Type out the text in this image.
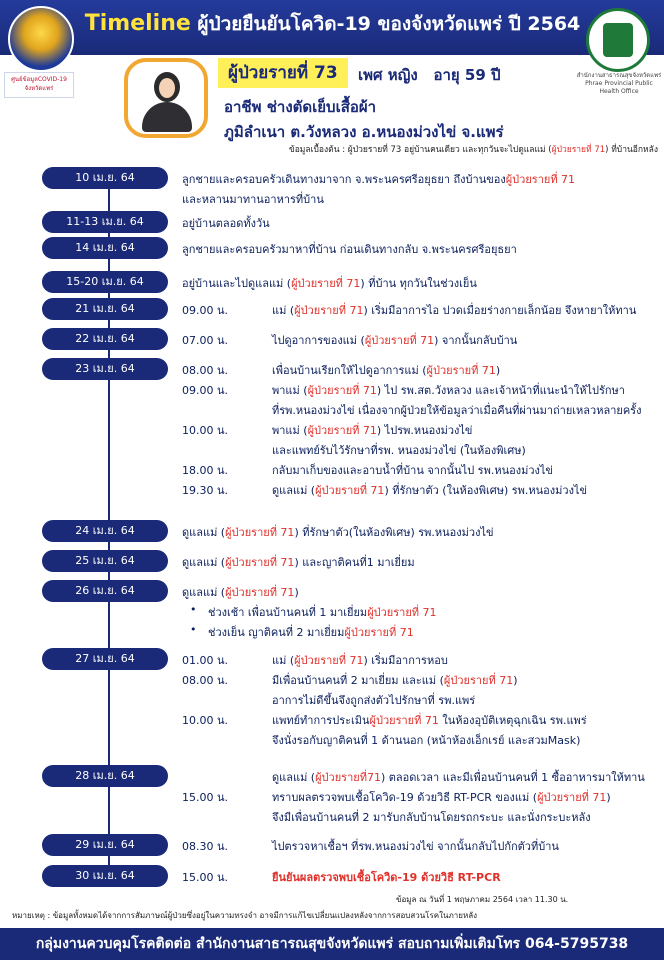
Timeline ผู้ป่วยยืนยันโควิด-19 ของจังหวัดแพร่ ปี 2564
ศูนย์ข้อมูลCOVID-19 จังหวัดแพร่
สำนักงานสาธารณสุขจังหวัดแพร่ Phrae Provincial Public Health Office
ผู้ป่วยรายที่ 73	เพศ หญิง อายุ 59 ปี
อาชีพ ช่างตัดเย็บเสื้อผ้า
ภูมิลำเนา ต.วังหลวง อ.หนองม่วงไข่ จ.แพร่
ข้อมูลเบื้องต้น : ผู้ป่วยรายที่ 73 อยู่บ้านคนเดียว และทุกวันจะไปดูแลแม่ (ผู้ป่วยรายที่ 71) ที่บ้านอีกหลัง
10 เม.ย. 64	ลูกชายและครอบครัวเดินทางมาจาก จ.พระนครศรีอยุธยา ถึงบ้านของผู้ป่วยรายที่ 71
และหลานมาทานอาหารที่บ้าน
11-13 เม.ย. 64	อยู่บ้านตลอดทั้งวัน
14 เม.ย. 64	ลูกชายและครอบครัวมาหาที่บ้าน ก่อนเดินทางกลับ จ.พระนครศรีอยุธยา
15-20 เม.ย. 64	อยู่บ้านและไปดูแลแม่ (ผู้ป่วยรายที่ 71) ที่บ้าน ทุกวันในช่วงเย็น
21 เม.ย. 64	09.00 น.	แม่ (ผู้ป่วยรายที่ 71) เริ่มมีอาการไอ ปวดเมื่อยร่างกายเล็กน้อย จึงหายาให้ทาน
22 เม.ย. 64	07.00 น.	ไปดูอาการของแม่ (ผู้ป่วยรายที่ 71) จากนั้นกลับบ้าน
23 เม.ย. 64	08.00 น.	เพื่อนบ้านเรียกให้ไปดูอาการแม่ (ผู้ป่วยรายที่ 71)
09.00 น.	พาแม่ (ผู้ป่วยรายที่ 71) ไป รพ.สต.วังหลวง และเจ้าหน้าที่แนะนำให้ไปรักษา
ที่รพ.หนองม่วงไข่ เนื่องจากผู้ป่วยให้ข้อมูลว่าเมื่อคืนที่ผ่านมาถ่ายเหลวหลายครั้ง
10.00 น.	พาแม่ (ผู้ป่วยรายที่ 71) ไปรพ.หนองม่วงไข่
และแพทย์รับไว้รักษาที่รพ. หนองม่วงไข่ (ในห้องพิเศษ)
18.00 น.	กลับมาเก็บของและอาบน้ำที่บ้าน จากนั้นไป รพ.หนองม่วงไข่
19.30 น.	ดูแลแม่ (ผู้ป่วยรายที่ 71) ที่รักษาตัว (ในห้องพิเศษ) รพ.หนองม่วงไข่
24 เม.ย. 64	ดูแลแม่ (ผู้ป่วยรายที่ 71) ที่รักษาตัว(ในห้องพิเศษ) รพ.หนองม่วงไข่
25 เม.ย. 64	ดูแลแม่ (ผู้ป่วยรายที่ 71) และญาติคนที่1 มาเยี่ยม
26 เม.ย. 64	ดูแลแม่ (ผู้ป่วยรายที่ 71)
• ช่วงเช้า เพื่อนบ้านคนที่ 1 มาเยี่ยมผู้ป่วยรายที่ 71
• ช่วงเย็น ญาติคนที่ 2 มาเยี่ยมผู้ป่วยรายที่ 71
27 เม.ย. 64	01.00 น.	แม่ (ผู้ป่วยรายที่ 71) เริ่มมีอาการหอบ
08.00 น.	มีเพื่อนบ้านคนที่ 2 มาเยี่ยม และแม่ (ผู้ป่วยรายที่ 71)
อาการไม่ดีขึ้นจึงถูกส่งตัวไปรักษาที่ รพ.แพร่
10.00 น.	แพทย์ทำการประเมินผู้ป่วยรายที่ 71 ในห้องอุบัติเหตุฉุกเฉิน รพ.แพร่
จึงนั่งรอกับญาติคนที่ 1 ด้านนอก (หน้าห้องเอ็กเรย์ และสวมMask)
28 เม.ย. 64	ดูแลแม่ (ผู้ป่วยรายที่71) ตลอดเวลา และมีเพื่อนบ้านคนที่ 1 ซื้ออาหารมาให้ทาน
15.00 น.	ทราบผลตรวจพบเชื้อโควิด-19 ด้วยวิธี RT-PCR ของแม่ (ผู้ป่วยรายที่ 71)
จึงมีเพื่อนบ้านคนที่ 2 มารับกลับบ้านโดยรถกระบะ และนั่งกระบะหลัง
29 เม.ย. 64	08.30 น.	ไปตรวจหาเชื้อฯ ที่รพ.หนองม่วงไข่ จากนั้นกลับไปกักตัวที่บ้าน
30 เม.ย. 64	15.00 น.	ยืนยันผลตรวจพบเชื้อโควิด-19 ด้วยวิธี RT-PCR
ข้อมูล ณ วันที่ 1 พฤษภาคม 2564 เวลา 11.30 น.
หมายเหตุ : ข้อมูลทั้งหมดได้จากการสัมภาษณ์ผู้ป่วยซึ่งอยู่ในความทรงจำ อาจมีการแก้ไขเปลี่ยนแปลงหลังจากการสอบสวนโรคในภายหลัง
กลุ่มงานควบคุมโรคติดต่อ สำนักงานสาธารณสุขจังหวัดแพร่ สอบถามเพิ่มเติมโทร 064-5795738
